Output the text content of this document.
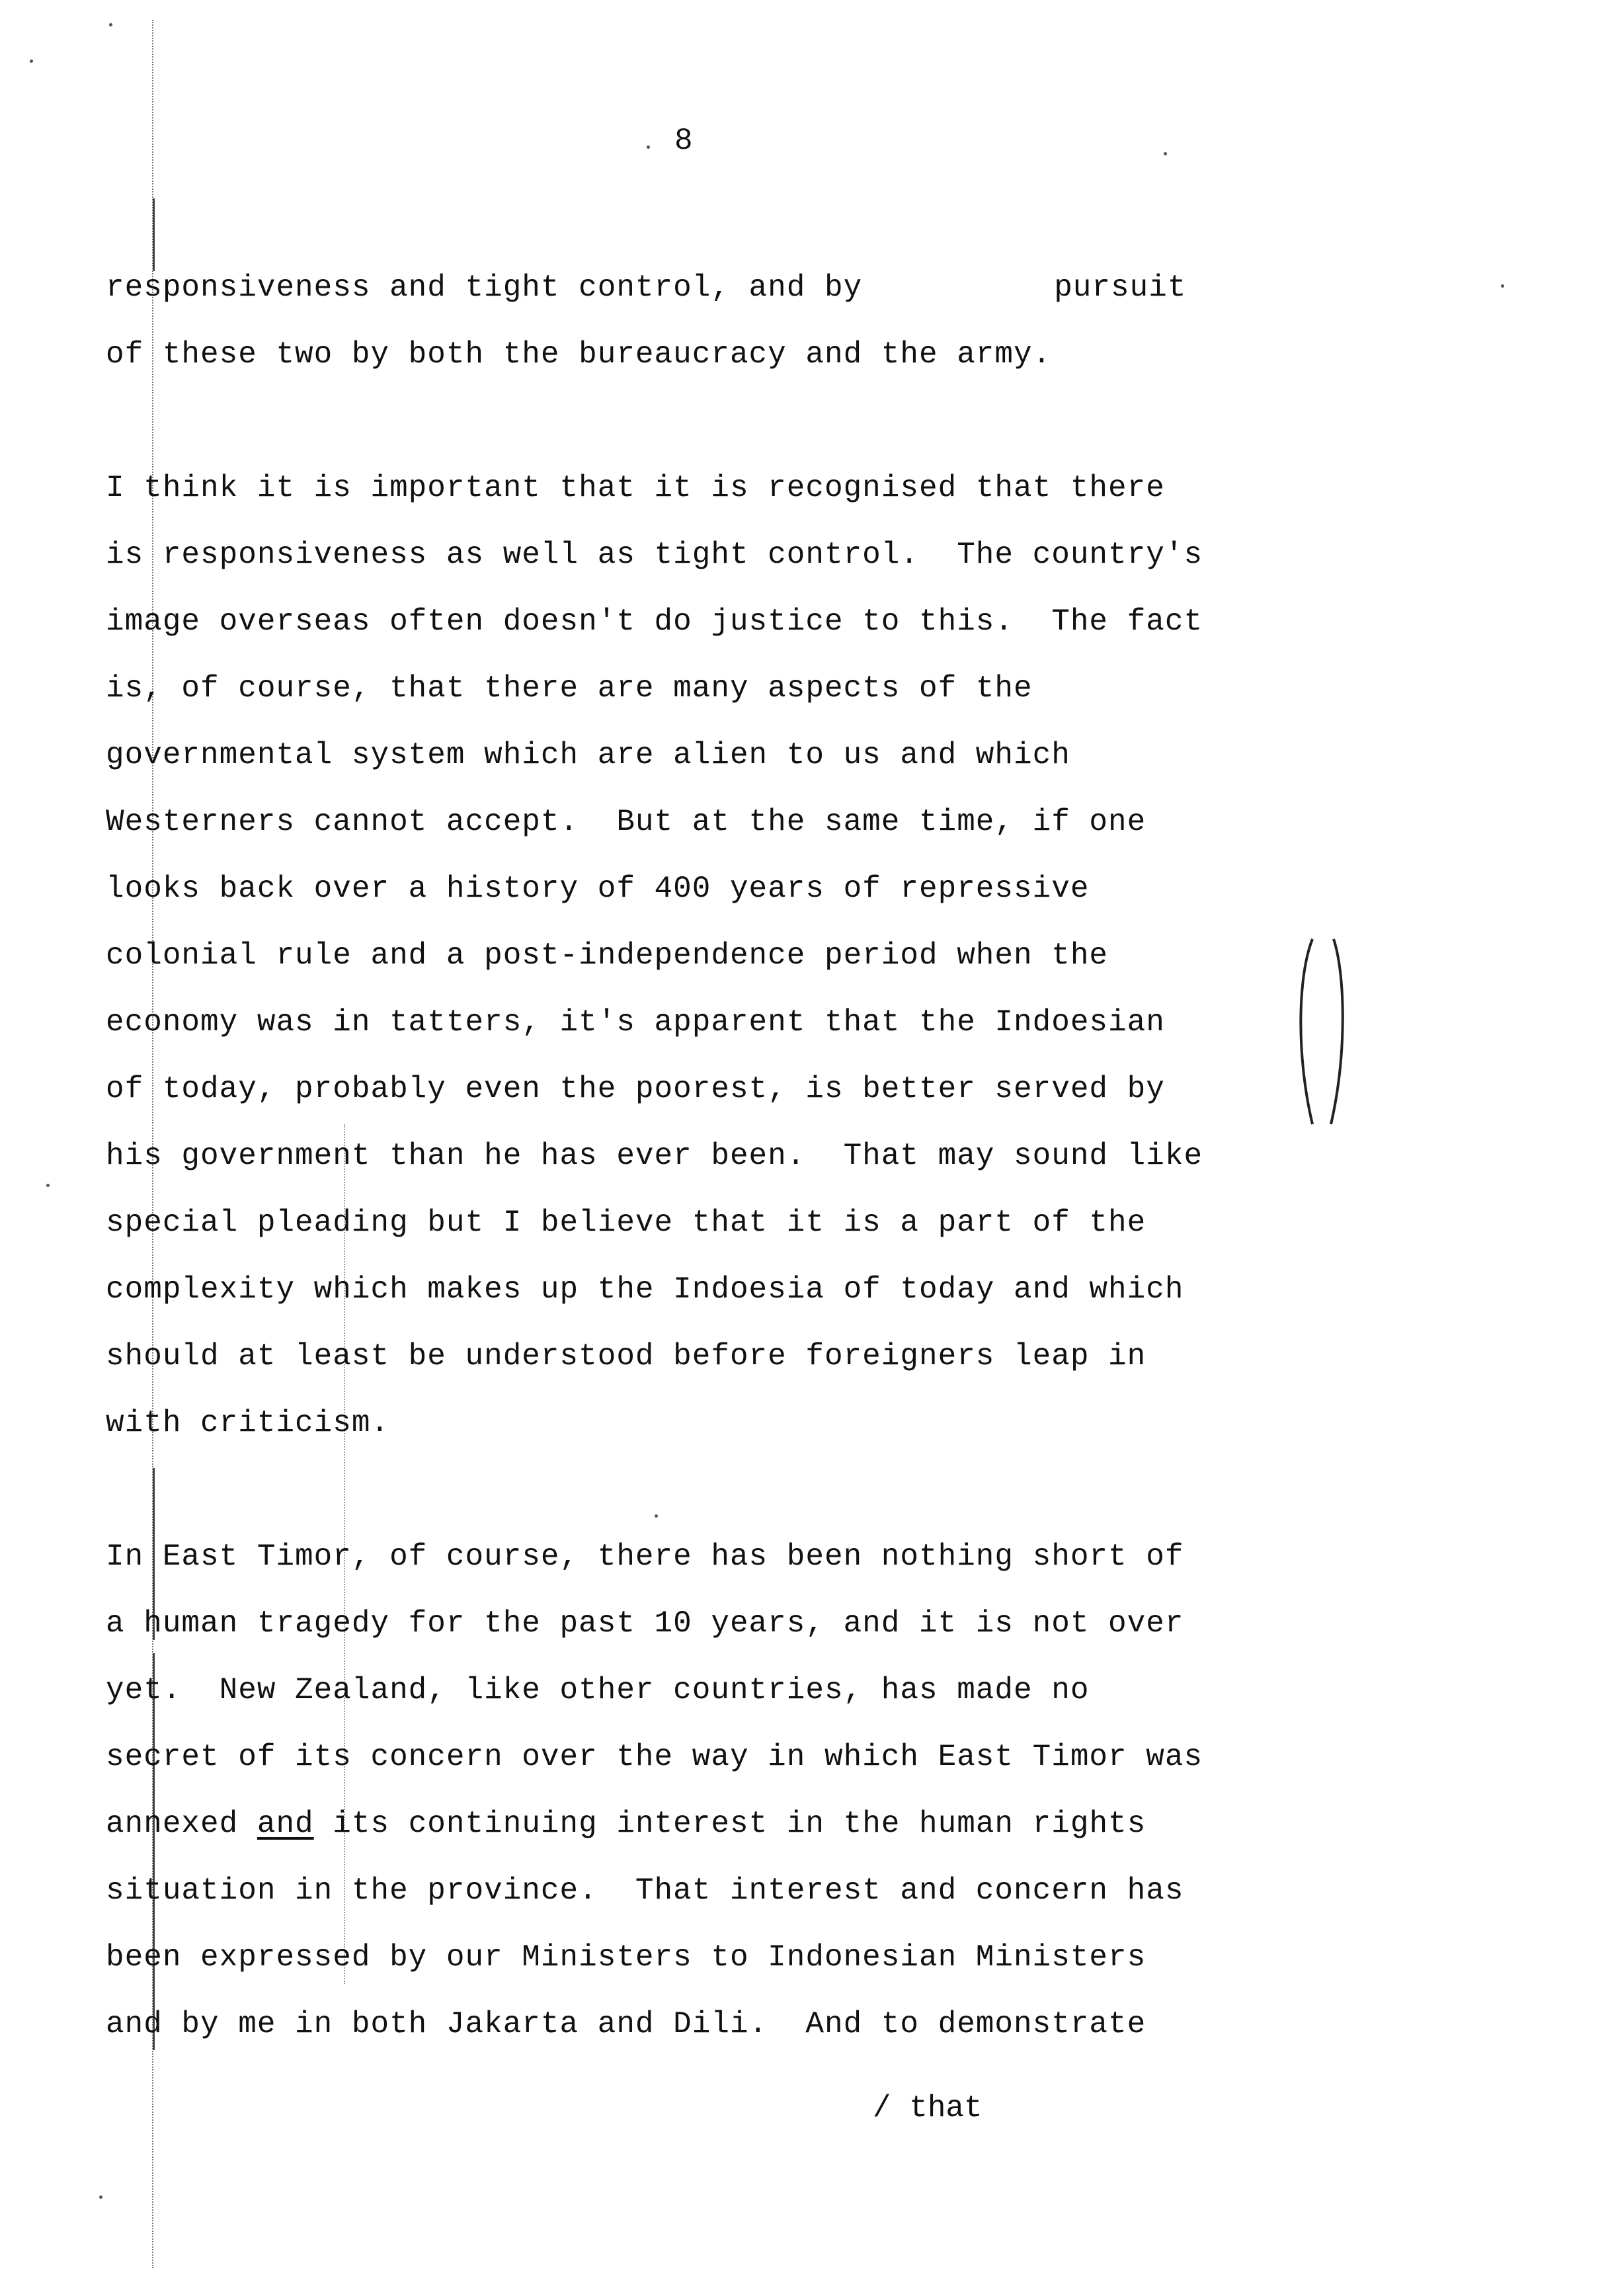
8
responsiveness and tight control, and by	pursuit
of these two by both the bureaucracy and the army.
I think it is important that it is recognised that there
is responsiveness as well as tight control.  The country's
image overseas often doesn't do justice to this.  The fact
is, of course, that there are many aspects of the
governmental system which are alien to us and which
Westerners cannot accept.  But at the same time, if one
looks back over a history of 400 years of repressive
colonial rule and a post-independence period when the
economy was in tatters, it's apparent that the Indoesian
of today, probably even the poorest, is better served by
his government than he has ever been.  That may sound like
special pleading but I believe that it is a part of the
complexity which makes up the Indoesia of today and which
should at least be understood before foreigners leap in
with criticism.
In East Timor, of course, there has been nothing short of
a human tragedy for the past 10 years, and it is not over
yet.  New Zealand, like other countries, has made no
secret of its concern over the way in which East Timor was
annexed and its continuing interest in the human rights
situation in the province.  That interest and concern has
been expressed by our Ministers to Indonesian Ministers
and by me in both Jakarta and Dili.  And to demonstrate
/ that
